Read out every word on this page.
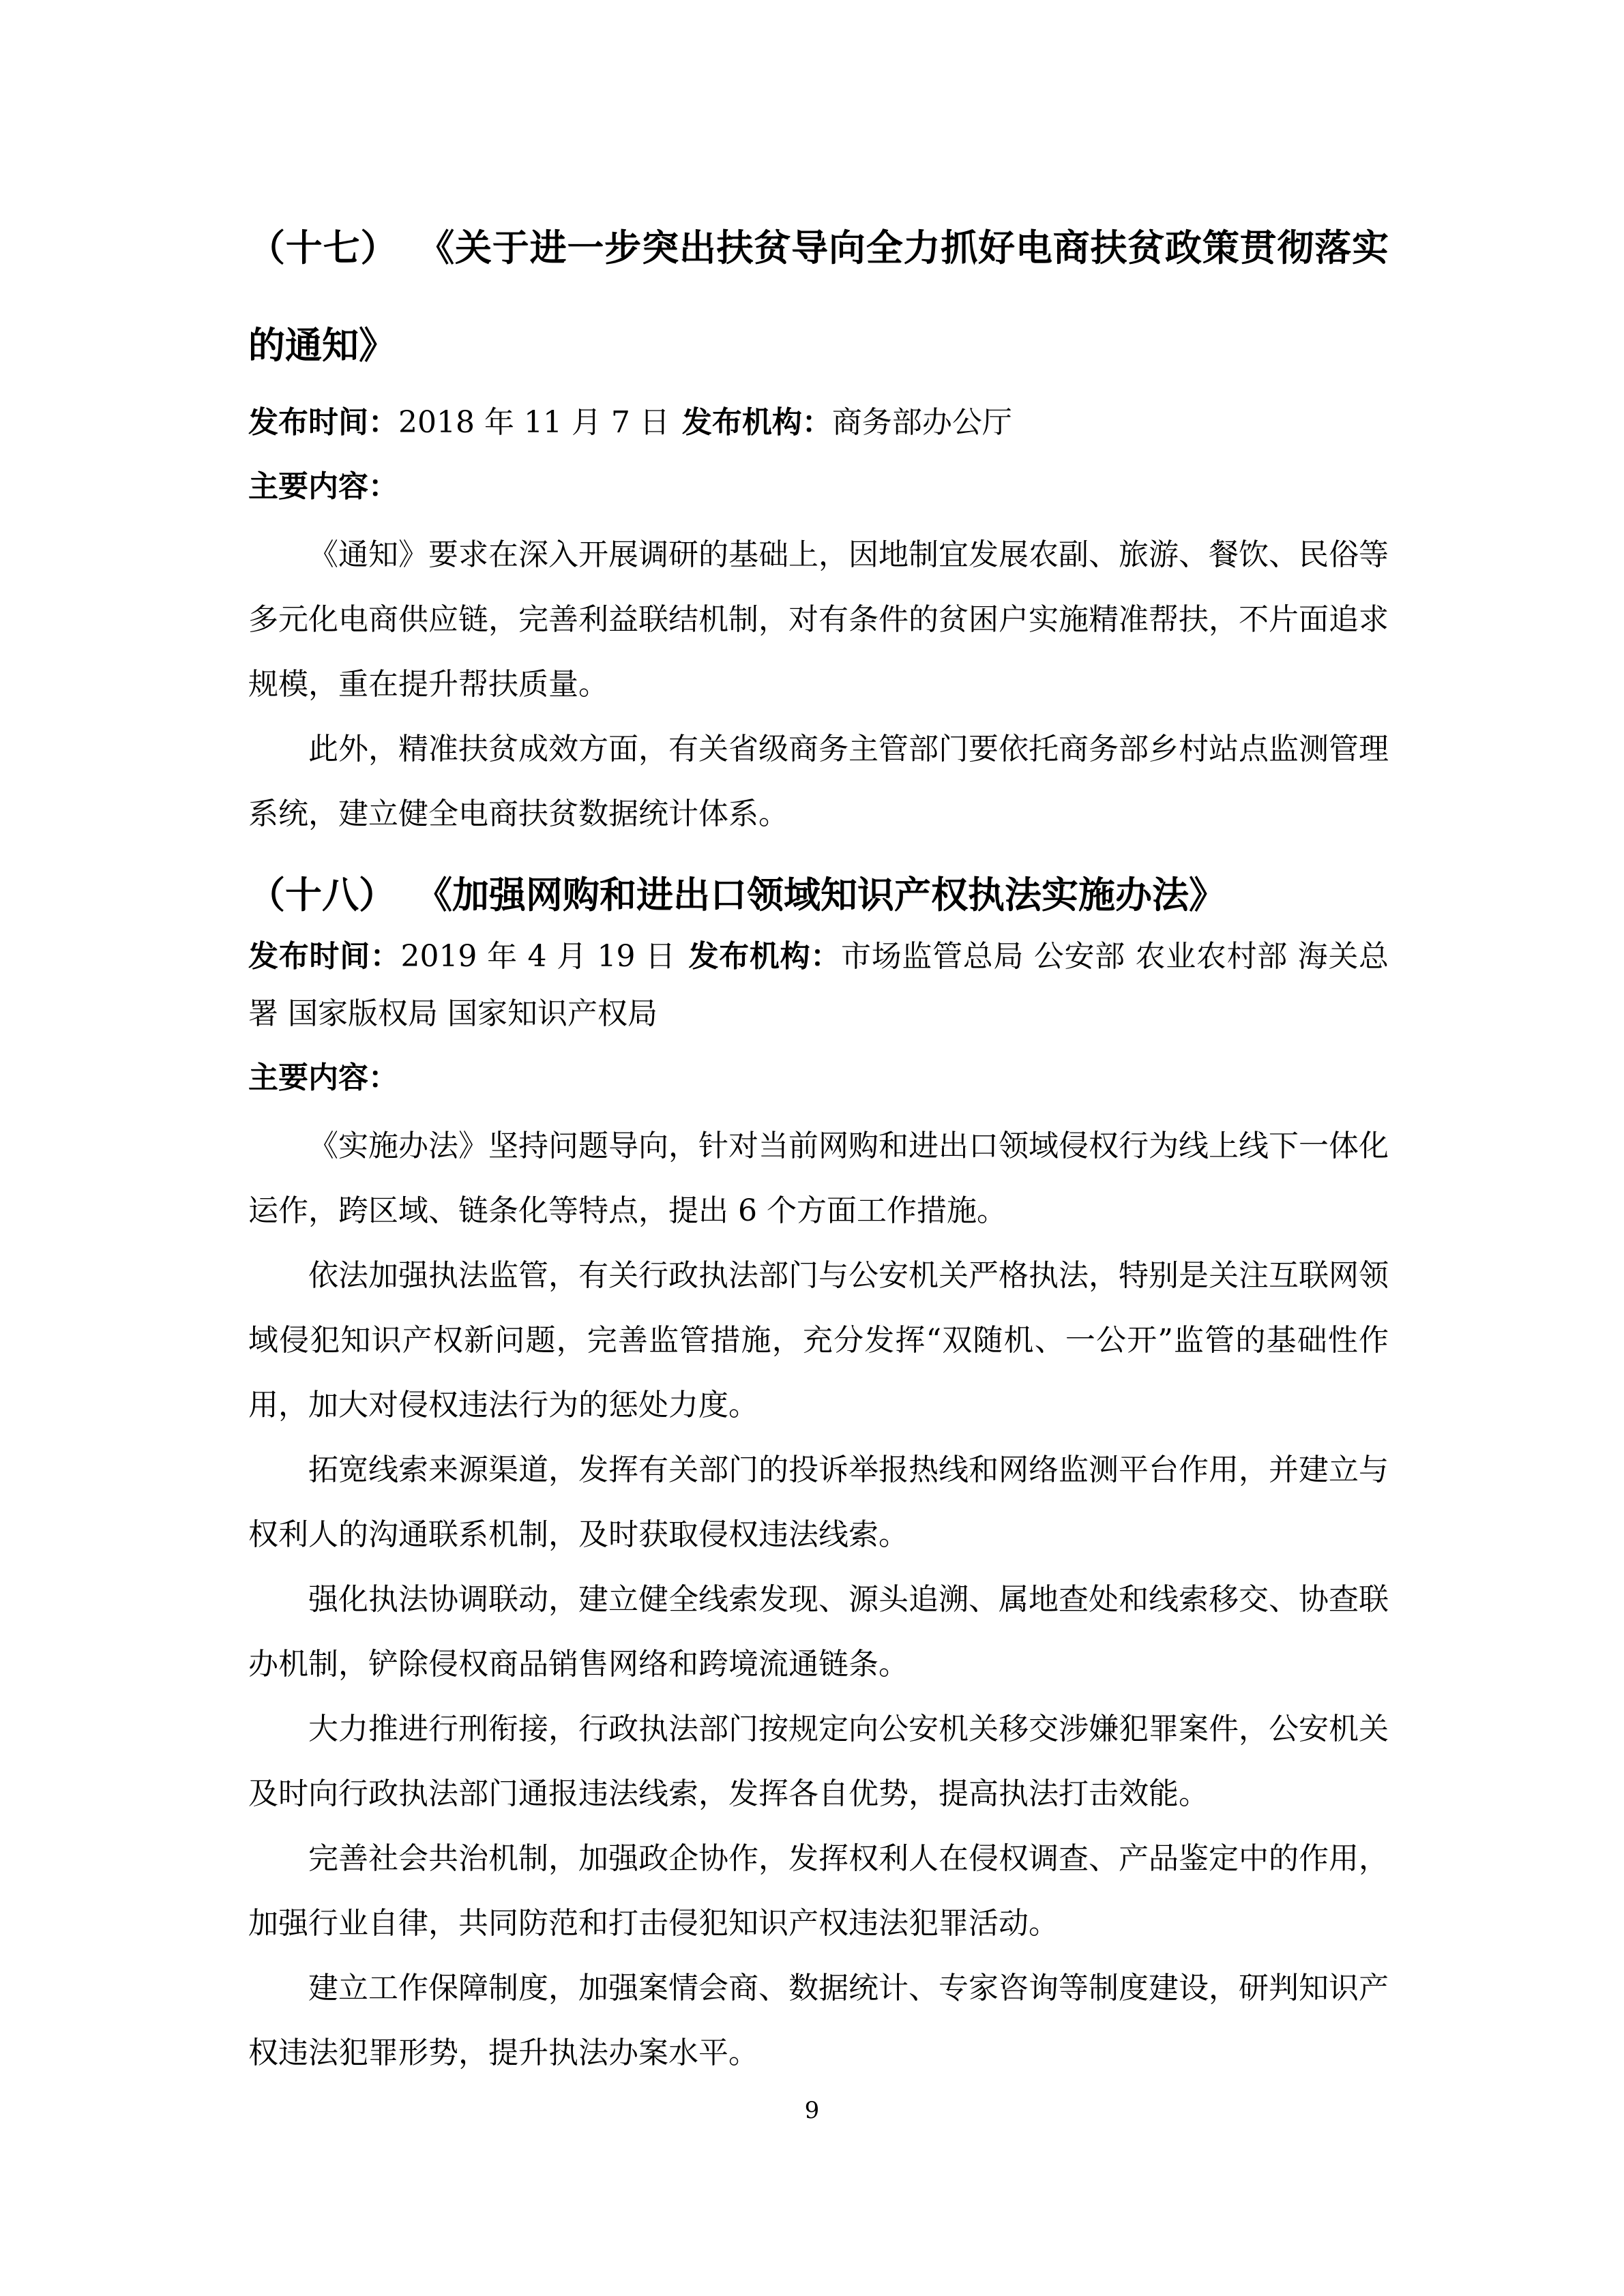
（十七） 《关于进一步突出扶贫导向全力抓好电商扶贫政策贯彻落实的通知》

发布时间：2018 年 11 月 7 日 发布机构：商务部办公厅

主要内容：

《通知》要求在深入开展调研的基础上，因地制宜发展农副、旅游、餐饮、民俗等多元化电商供应链，完善利益联结机制，对有条件的贫困户实施精准帮扶，不片面追求规模，重在提升帮扶质量。

此外，精准扶贫成效方面，有关省级商务主管部门要依托商务部乡村站点监测管理系统，建立健全电商扶贫数据统计体系。

（十八） 《加强网购和进出口领域知识产权执法实施办法》

发布时间：2019 年 4 月 19 日 发布机构：市场监管总局 公安部 农业农村部 海关总署 国家版权局 国家知识产权局

主要内容：

《实施办法》坚持问题导向，针对当前网购和进出口领域侵权行为线上线下一体化运作，跨区域、链条化等特点，提出 6 个方面工作措施。

依法加强执法监管，有关行政执法部门与公安机关严格执法，特别是关注互联网领域侵犯知识产权新问题，完善监管措施，充分发挥“双随机、一公开”监管的基础性作用，加大对侵权违法行为的惩处力度。

拓宽线索来源渠道，发挥有关部门的投诉举报热线和网络监测平台作用，并建立与权利人的沟通联系机制，及时获取侵权违法线索。

强化执法协调联动，建立健全线索发现、源头追溯、属地查处和线索移交、协查联办机制，铲除侵权商品销售网络和跨境流通链条。

大力推进行刑衔接，行政执法部门按规定向公安机关移交涉嫌犯罪案件，公安机关及时向行政执法部门通报违法线索，发挥各自优势，提高执法打击效能。

完善社会共治机制，加强政企协作，发挥权利人在侵权调查、产品鉴定中的作用，加强行业自律，共同防范和打击侵犯知识产权违法犯罪活动。

建立工作保障制度，加强案情会商、数据统计、专家咨询等制度建设，研判知识产权违法犯罪形势，提升执法办案水平。

9
